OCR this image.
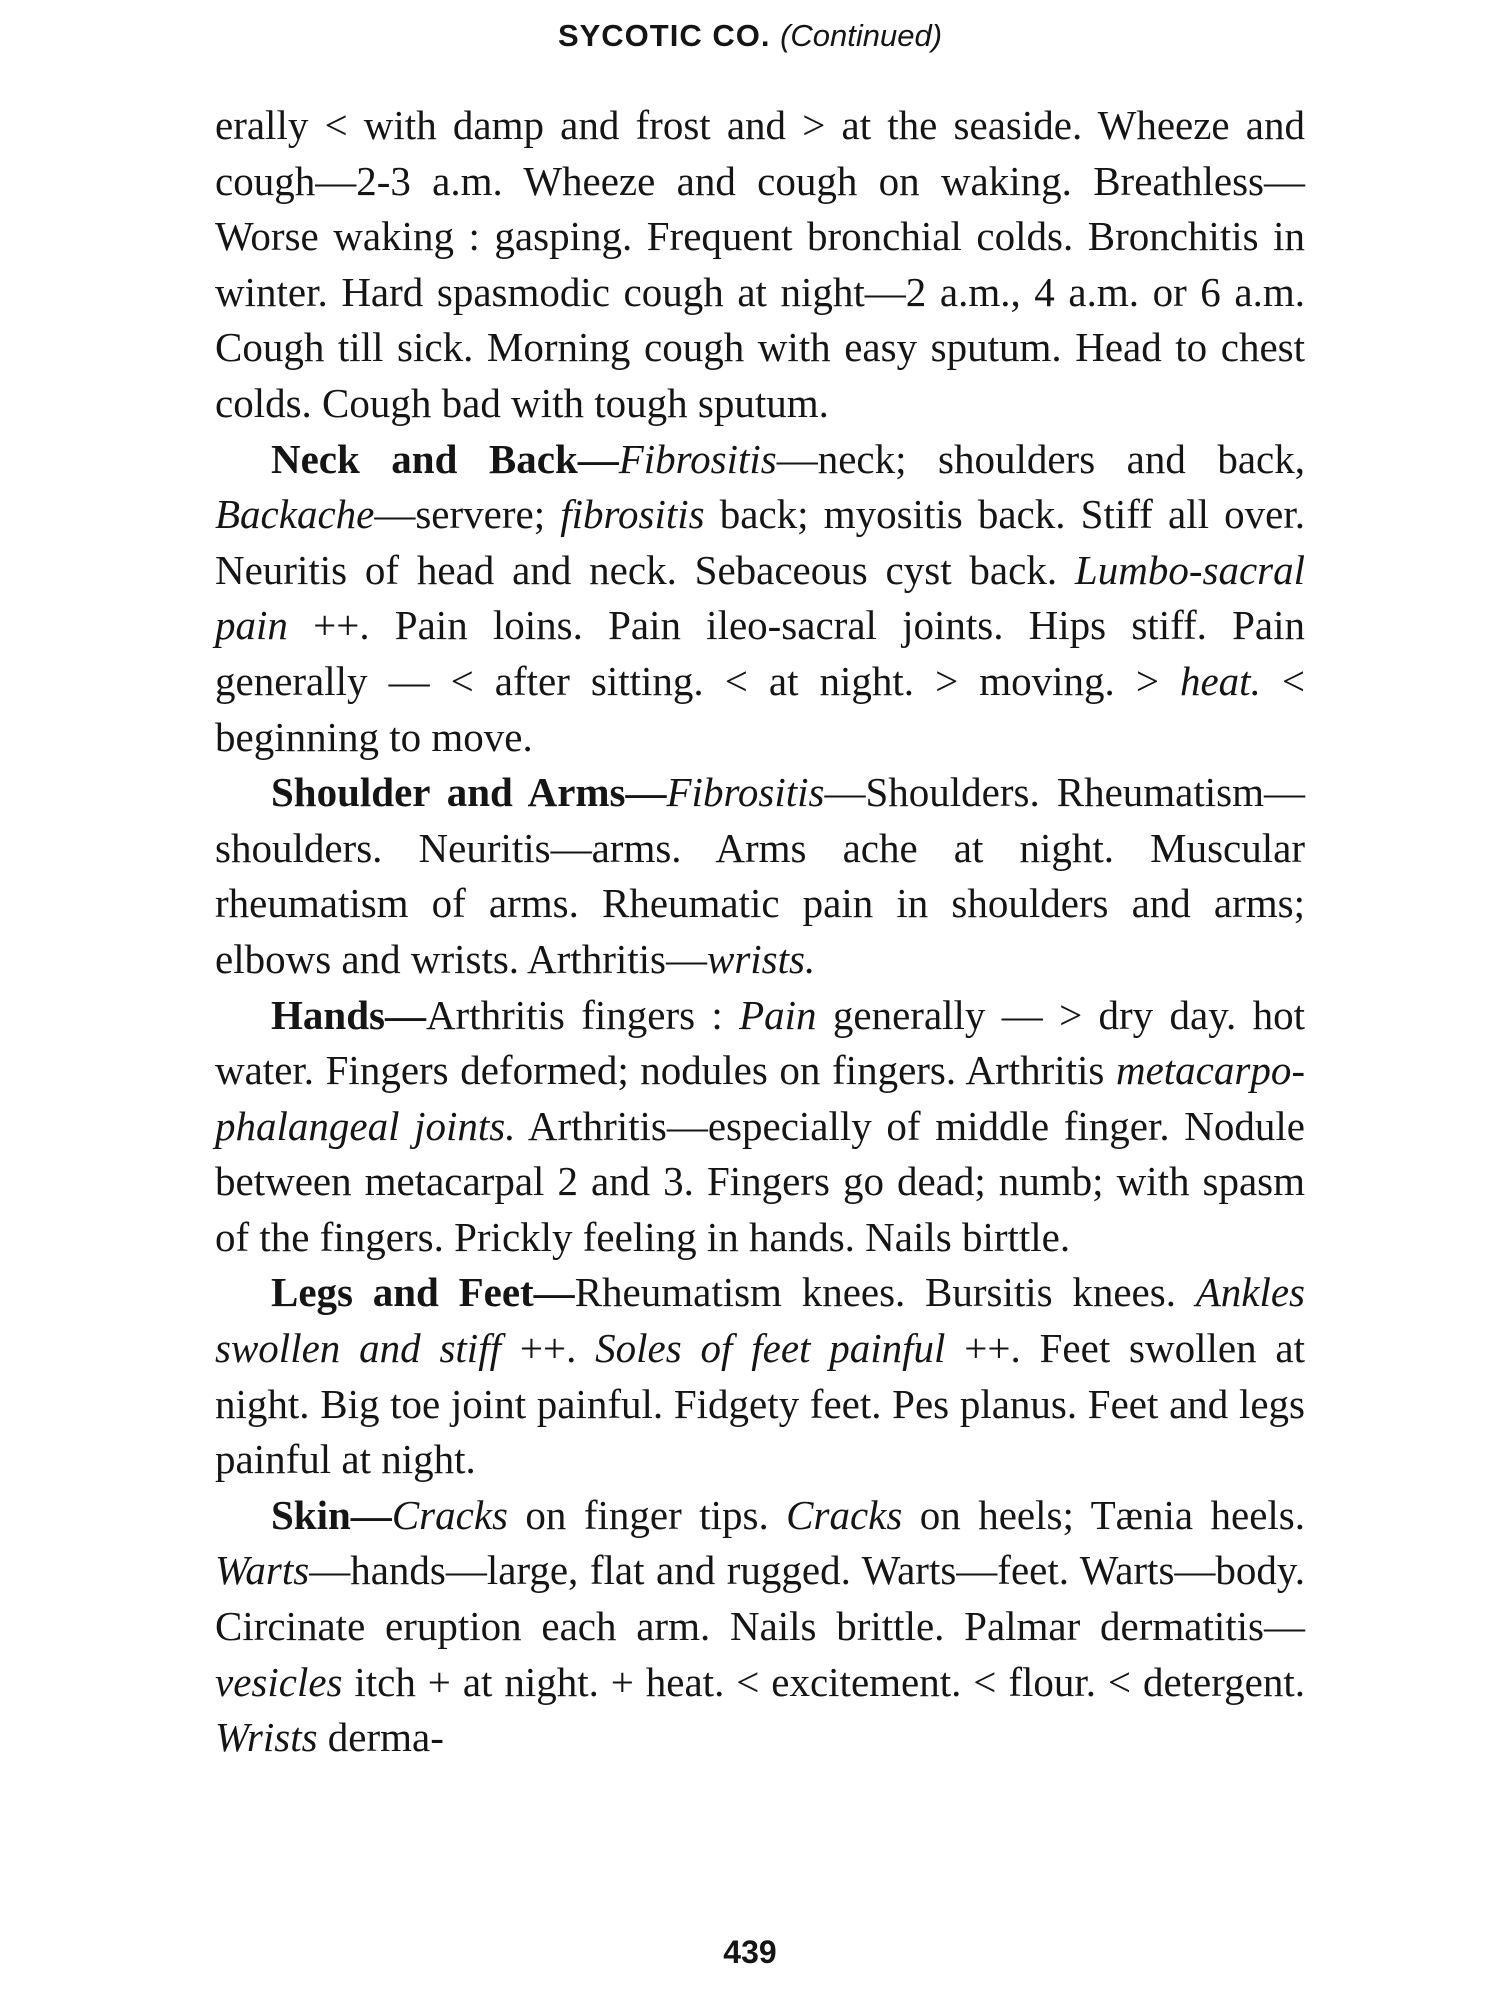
SYCOTIC CO. (Continued)

erally < with damp and frost and > at the seaside. Wheeze and cough—2-3 a.m. Wheeze and cough on waking. Breathless—Worse waking : gasping. Frequent bronchial colds. Bronchitis in winter. Hard spasmodic cough at night—2 a.m., 4 a.m. or 6 a.m. Cough till sick. Morning cough with easy sputum. Head to chest colds. Cough bad with tough sputum.

Neck and Back—Fibrositis—neck; shoulders and back, Backache—servere; fibrositis back; myositis back. Stiff all over. Neuritis of head and neck. Sebaceous cyst back. Lumbo-sacral pain ++. Pain loins. Pain ileo-sacral joints. Hips stiff. Pain generally — < after sitting. < at night. > moving. > heat. < beginning to move.

Shoulder and Arms—Fibrositis—Shoulders. Rheumatism—shoulders. Neuritis—arms. Arms ache at night. Muscular rheumatism of arms. Rheumatic pain in shoulders and arms; elbows and wrists. Arthritis—wrists.

Hands—Arthritis fingers : Pain generally — > dry day. hot water. Fingers deformed; nodules on fingers. Arthritis metacarpo-phalangeal joints. Arthritis—especially of middle finger. Nodule between metacarpal 2 and 3. Fingers go dead; numb; with spasm of the fingers. Prickly feeling in hands. Nails birttle.

Legs and Feet—Rheumatism knees. Bursitis knees. Ankles swollen and stiff ++. Soles of feet painful ++. Feet swollen at night. Big toe joint painful. Fidgety feet. Pes planus. Feet and legs painful at night.

Skin—Cracks on finger tips. Cracks on heels; Tænia heels. Warts—hands—large, flat and rugged. Warts—feet. Warts—body. Circinate eruption each arm. Nails brittle. Palmar dermatitis—vesicles itch + at night. + heat. < excitement. < flour. < detergent. Wrists derma-

439
